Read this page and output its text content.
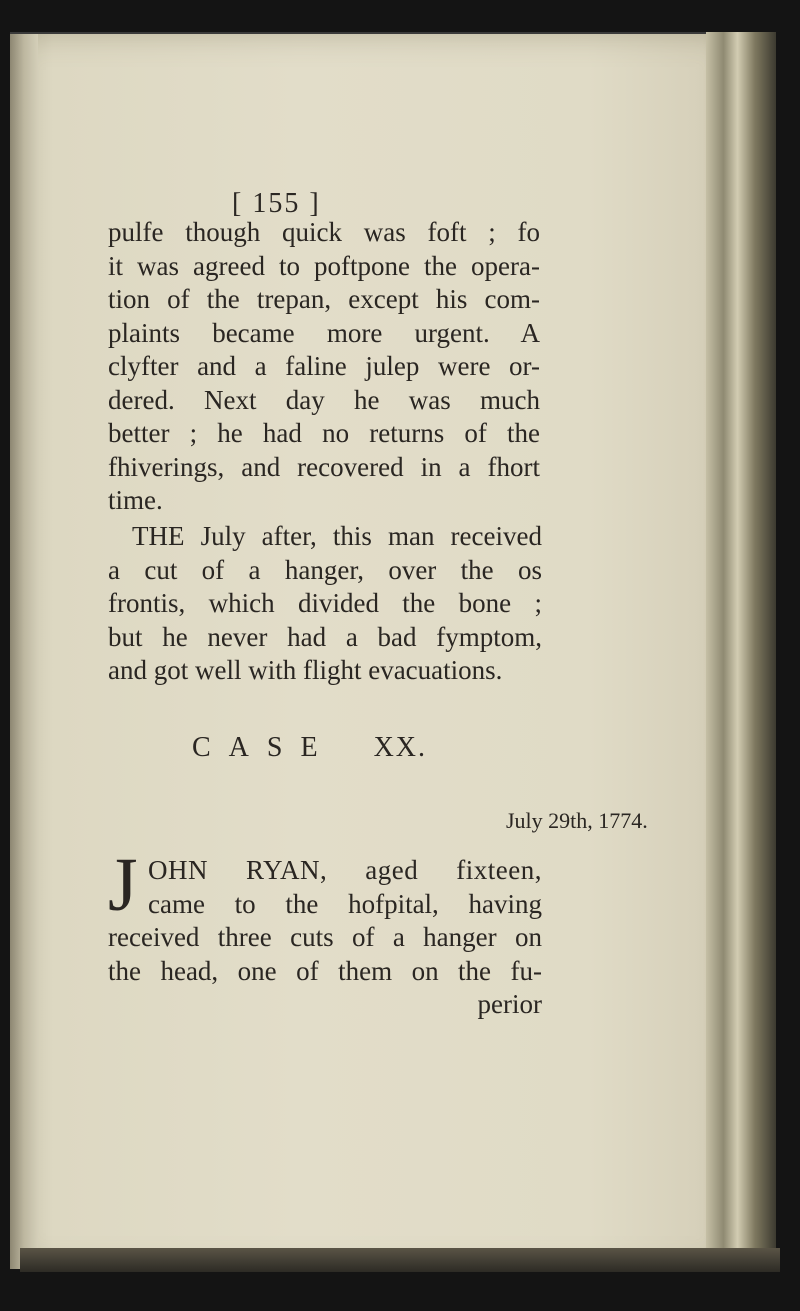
[ 155 ]
pulfe though quick was foft ; fo
it was agreed to poftpone the opera-
tion of the trepan, except his com-
plaints became more urgent. A
clyfter and a faline julep were or-
dered. Next day he was much
better ; he had no returns of the
fhiverings, and recovered in a fhort
time.
THE July after, this man received
a cut of a hanger, over the os
frontis, which divided the bone ;
but he never had a bad fymptom,
and got well with flight evacuations.
CASE XX.
July 29th, 1774.
J OHN RYAN, aged fixteen,
came to the hofpital, having
received three cuts of a hanger on
the head, one of them on the fu-
perior
